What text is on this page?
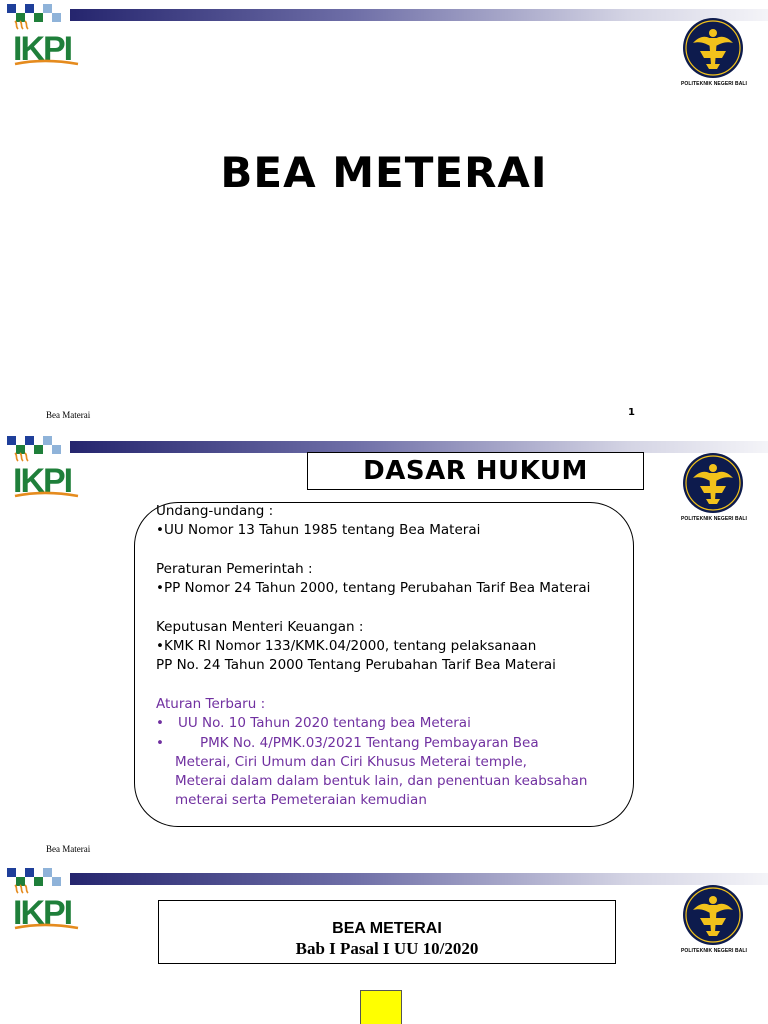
POLITEKNIK NEGERI BALI
BEA METERAI
Bea Materai	1
POLITEKNIK NEGERI BALI
DASAR HUKUM
Undang-undang :
•UU Nomor 13 Tahun 1985 tentang Bea Materai
Peraturan Pemerintah :
•PP Nomor 24 Tahun 2000, tentang Perubahan Tarif Bea Materai
Keputusan Menteri Keuangan :
•KMK RI Nomor 133/KMK.04/2000, tentang pelaksanaan
PP No. 24 Tahun 2000 Tentang Perubahan Tarif Bea Materai
Aturan Terbaru :
•	UU No. 10 Tahun 2020 tentang bea Meterai
•	PMK No. 4/PMK.03/2021 Tentang Pembayaran Bea
Meterai, Ciri Umum dan Ciri Khusus Meterai temple,
Meterai dalam dalam bentuk lain, dan penentuan keabsahan
meterai serta Pemeteraian kemudian
Bea Materai
POLITEKNIK NEGERI BALI
BEA METERAI
Bab I Pasal I UU 10/2020
